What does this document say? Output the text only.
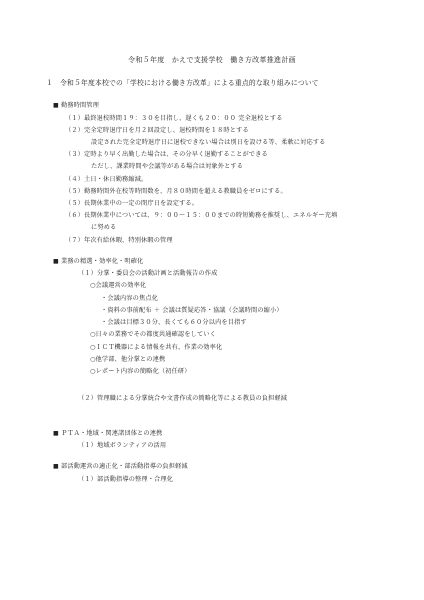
令和５年度　かえで支援学校　働き方改革推進計画
１ 令和５年度本校での「学校における働き方改革」による重点的な取り組みについて
■ 勤務時間管理
（１）最終退校時間１９：３０を目指し、遅くも２０：００ 完全退校とする
（２）完全定時退庁日を月２回設定し、退校時間を１８時とする
設定された完全定時退庁日に退校できない場合は別日を設ける等、柔軟に対応する
（３）定時より早く出勤した場合は、その分早く退勤することができる
ただし、課業時間や会議等がある場合は対象外とする
（４）土日・休日勤務縮減。
（５）勤務時間外在校等時間数を、月８０時間を超える教職員をゼロにする。
（５）長期休業中の一定の閉庁日を設定する。
（６）長期休業中については、９：００〜１５：００までの時短勤務を推奨し、エネルギー充填
に努める
（７）年次有給休暇、特別休暇の管理
■ 業務の精選・効率化・明確化
（１）分掌・委員会の活動計画と活動報告の作成
○会議運営の効率化
・会議内容の焦点化
・資料の事前配布 ＋ 会議は質疑応答・協議（会議時間の縮小）
・会議は目標３０分、長くても６０分以内を目指す
○日々の業務でその都度共通確認をしていく
○ＩＣＴ機器による情報を共有、作業の効率化
○他学部、他分掌との連携
○レポート内容の簡略化（初任研）
（２）管理職による分掌統合や文書作成の簡略化等による教員の負担軽減
■ ＰＴＡ・地域・関連諸団体との連携
（１）地域ボランティアの活用
■ 部活動運営の適正化・部活動指導の負担軽減
（１）部活動指導の整理・合理化
